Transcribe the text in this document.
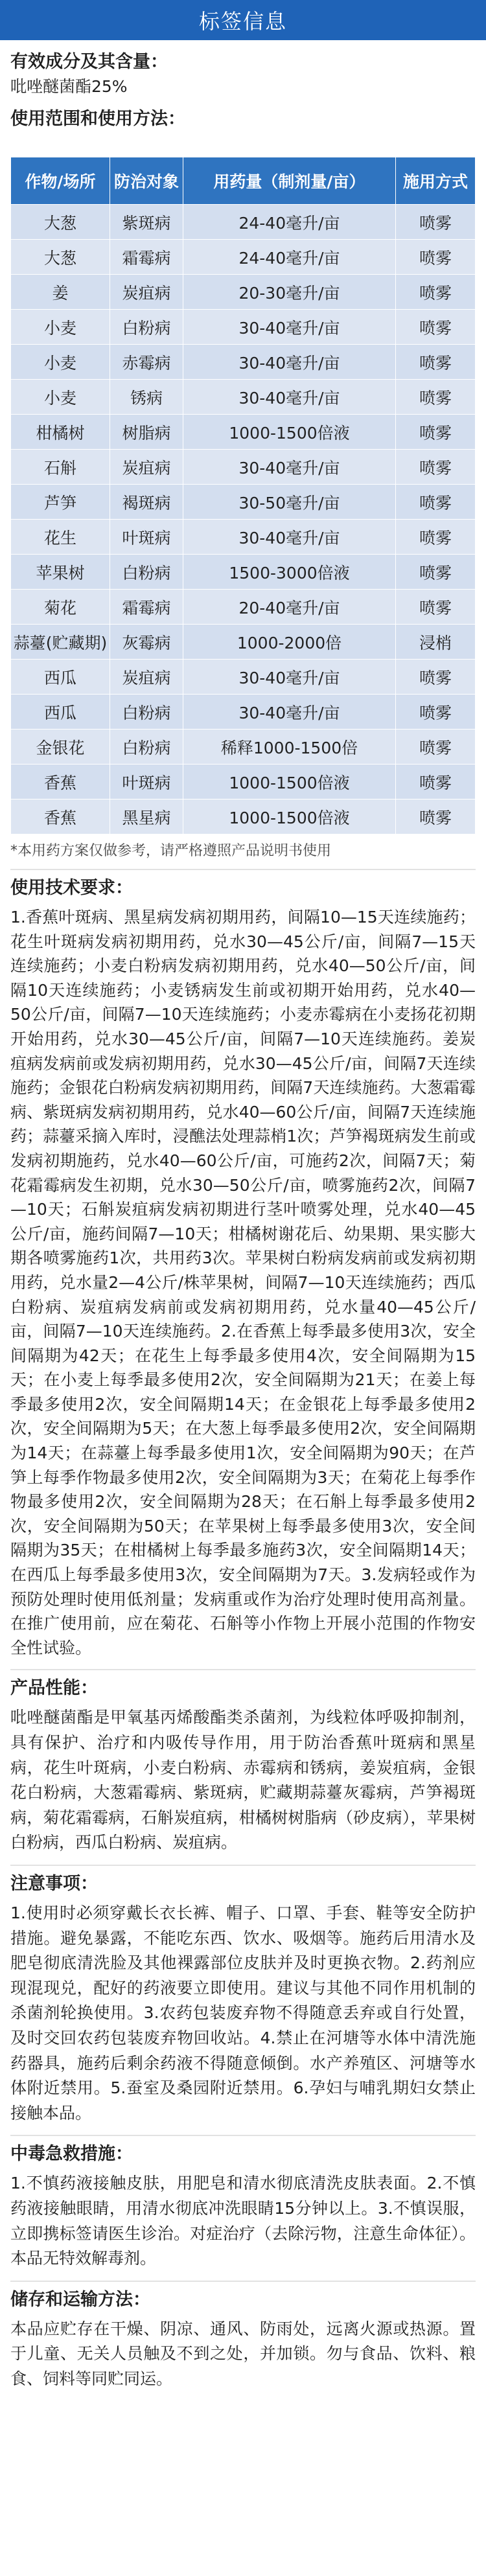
标签信息
有效成分及其含量：
吡唑醚菌酯25%
使用范围和使用方法：
作物/场所	防治对象	用药量（制剂量/亩）	施用方式
大葱	紫斑病	24-40毫升/亩	喷雾
大葱	霜霉病	24-40毫升/亩	喷雾
姜	炭疽病	20-30毫升/亩	喷雾
小麦	白粉病	30-40毫升/亩	喷雾
小麦	赤霉病	30-40毫升/亩	喷雾
小麦	锈病	30-40毫升/亩	喷雾
柑橘树	树脂病	1000-1500倍液	喷雾
石斛	炭疽病	30-40毫升/亩	喷雾
芦笋	褐斑病	30-50毫升/亩	喷雾
花生	叶斑病	30-40毫升/亩	喷雾
苹果树	白粉病	1500-3000倍液	喷雾
菊花	霜霉病	20-40毫升/亩	喷雾
蒜薹(贮藏期)	灰霉病	1000-2000倍	浸梢
西瓜	炭疽病	30-40毫升/亩	喷雾
西瓜	白粉病	30-40毫升/亩	喷雾
金银花	白粉病	稀释1000-1500倍	喷雾
香蕉	叶斑病	1000-1500倍液	喷雾
香蕉	黑星病	1000-1500倍液	喷雾
*本用药方案仅做参考，请严格遵照产品说明书使用
使用技术要求：
1.香蕉叶斑病、黑星病发病初期用药，间隔10—15天连续施药；花生叶斑病发病初期用药，兑水30—45公斤/亩，间隔7—15天连续施药；小麦白粉病发病初期用药，兑水40—50公斤/亩，间隔10天连续施药；小麦锈病发生前或初期开始用药，兑水40—50公斤/亩，间隔7—10天连续施药；小麦赤霉病在小麦扬花初期开始用药，兑水30—45公斤/亩，间隔7—10天连续施药。姜炭疽病发病前或发病初期用药，兑水30—45公斤/亩，间隔7天连续施药；金银花白粉病发病初期用药，间隔7天连续施药。大葱霜霉病、紫斑病发病初期用药，兑水40—60公斤/亩，间隔7天连续施药；蒜薹采摘入库时，浸醮法处理蒜梢1次；芦笋褐斑病发生前或发病初期施药，兑水40—60公斤/亩，可施药2次，间隔7天；菊花霜霉病发生初期，兑水30—50公斤/亩，喷雾施药2次，间隔7—10天；石斛炭疽病发病初期进行茎叶喷雾处理，兑水40—45公斤/亩，施药间隔7—10天；柑橘树谢花后、幼果期、果实膨大期各喷雾施药1次，共用药3次。苹果树白粉病发病前或发病初期用药，兑水量2—4公斤/株苹果树，间隔7—10天连续施药；西瓜白粉病、炭疽病发病前或发病初期用药，兑水量40—45公斤/亩，间隔7—10天连续施药。2.在香蕉上每季最多使用3次，安全间隔期为42天；在花生上每季最多使用4次，安全间隔期为15天；在小麦上每季最多使用2次，安全间隔期为21天；在姜上每季最多使用2次，安全间隔期14天；在金银花上每季最多使用2次，安全间隔期为5天；在大葱上每季最多使用2次，安全间隔期为14天；在蒜薹上每季最多使用1次，安全间隔期为90天；在芦笋上每季作物最多使用2次，安全间隔期为3天；在菊花上每季作物最多使用2次，安全间隔期为28天；在石斛上每季最多使用2次，安全间隔期为50天；在苹果树上每季最多使用3次，安全间隔期为35天；在柑橘树上每季最多施药3次，安全间隔期14天；在西瓜上每季最多使用3次，安全间隔期为7天。3.发病轻或作为预防处理时使用低剂量；发病重或作为治疗处理时使用高剂量。在推广使用前，应在菊花、石斛等小作物上开展小范围的作物安全性试验。
产品性能：
吡唑醚菌酯是甲氧基丙烯酸酯类杀菌剂，为线粒体呼吸抑制剂，具有保护、治疗和内吸传导作用，用于防治香蕉叶斑病和黑星病，花生叶斑病，小麦白粉病、赤霉病和锈病，姜炭疽病，金银花白粉病，大葱霜霉病、紫斑病，贮藏期蒜薹灰霉病，芦笋褐斑病，菊花霜霉病，石斛炭疽病，柑橘树树脂病（砂皮病），苹果树白粉病，西瓜白粉病、炭疽病。
注意事项：
1.使用时必须穿戴长衣长裤、帽子、口罩、手套、鞋等安全防护措施。避免暴露，不能吃东西、饮水、吸烟等。施药后用清水及肥皂彻底清洗脸及其他裸露部位皮肤并及时更换衣物。2.药剂应现混现兑，配好的药液要立即使用。建议与其他不同作用机制的杀菌剂轮换使用。3.农药包装废弃物不得随意丢弃或自行处置，及时交回农药包装废弃物回收站。4.禁止在河塘等水体中清洗施药器具，施药后剩余药液不得随意倾倒。水产养殖区、河塘等水体附近禁用。5.蚕室及桑园附近禁用。6.孕妇与哺乳期妇女禁止接触本品。
中毒急救措施：
1.不慎药液接触皮肤，用肥皂和清水彻底清洗皮肤表面。2.不慎药液接触眼睛，用清水彻底冲洗眼睛15分钟以上。3.不慎误服，立即携标签请医生诊治。对症治疗（去除污物，注意生命体征）。本品无特效解毒剂。
储存和运输方法：
本品应贮存在干燥、阴凉、通风、防雨处，远离火源或热源。置于儿童、无关人员触及不到之处，并加锁。勿与食品、饮料、粮食、饲料等同贮同运。
